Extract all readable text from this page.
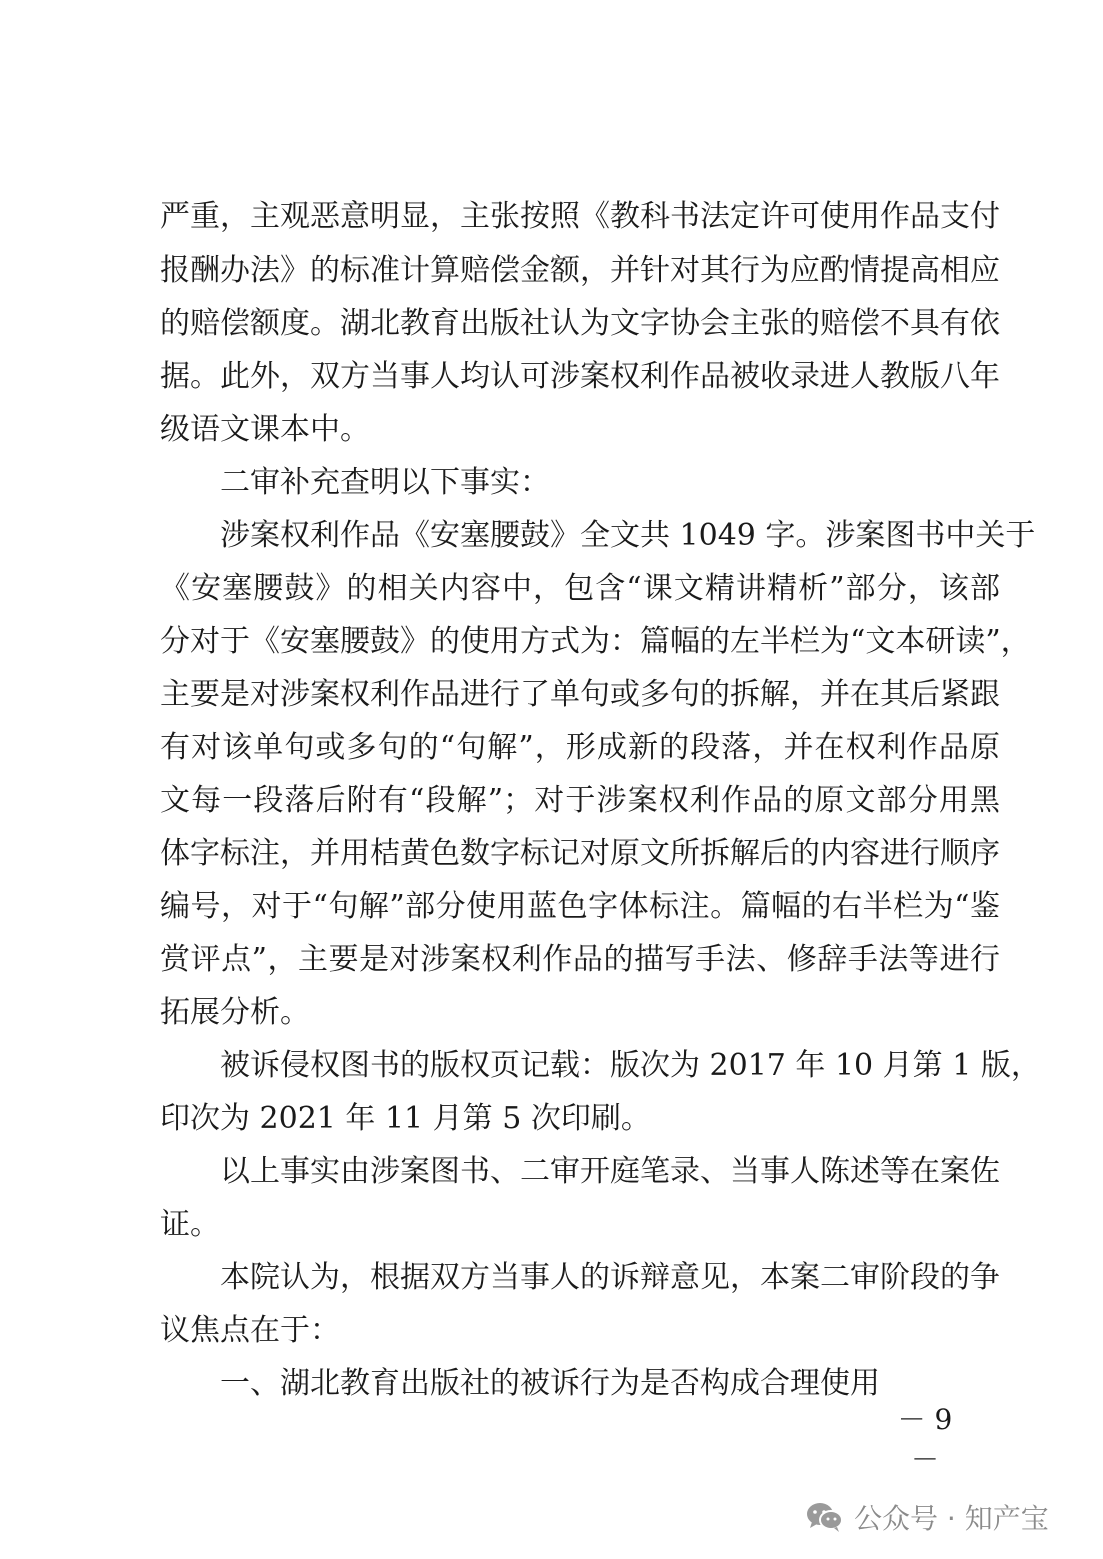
严重，主观恶意明显，主张按照《教科书法定许可使用作品支付
报酬办法》的标准计算赔偿金额，并针对其行为应酌情提高相应
的赔偿额度。湖北教育出版社认为文字协会主张的赔偿不具有依
据。此外，双方当事人均认可涉案权利作品被收录进人教版八年
级语文课本中。
二审补充查明以下事实：
涉案权利作品《安塞腰鼓》全文共 1049 字。涉案图书中关于
《安塞腰鼓》的相关内容中，包含“课文精讲精析”部分，该部
分对于《安塞腰鼓》的使用方式为：篇幅的左半栏为“文本研读”，
主要是对涉案权利作品进行了单句或多句的拆解，并在其后紧跟
有对该单句或多句的“句解”，形成新的段落，并在权利作品原
文每一段落后附有“段解”；对于涉案权利作品的原文部分用黑
体字标注，并用桔黄色数字标记对原文所拆解后的内容进行顺序
编号，对于“句解”部分使用蓝色字体标注。篇幅的右半栏为“鉴
赏评点”，主要是对涉案权利作品的描写手法、修辞手法等进行
拓展分析。
被诉侵权图书的版权页记载：版次为 2017 年 10 月第 1 版，
印次为 2021 年 11 月第 5 次印刷。
以上事实由涉案图书、二审开庭笔录、当事人陈述等在案佐
证。
本院认为，根据双方当事人的诉辩意见，本案二审阶段的争
议焦点在于：
一、湖北教育出版社的被诉行为是否构成合理使用
－ 9 －
公众号 · 知产宝
